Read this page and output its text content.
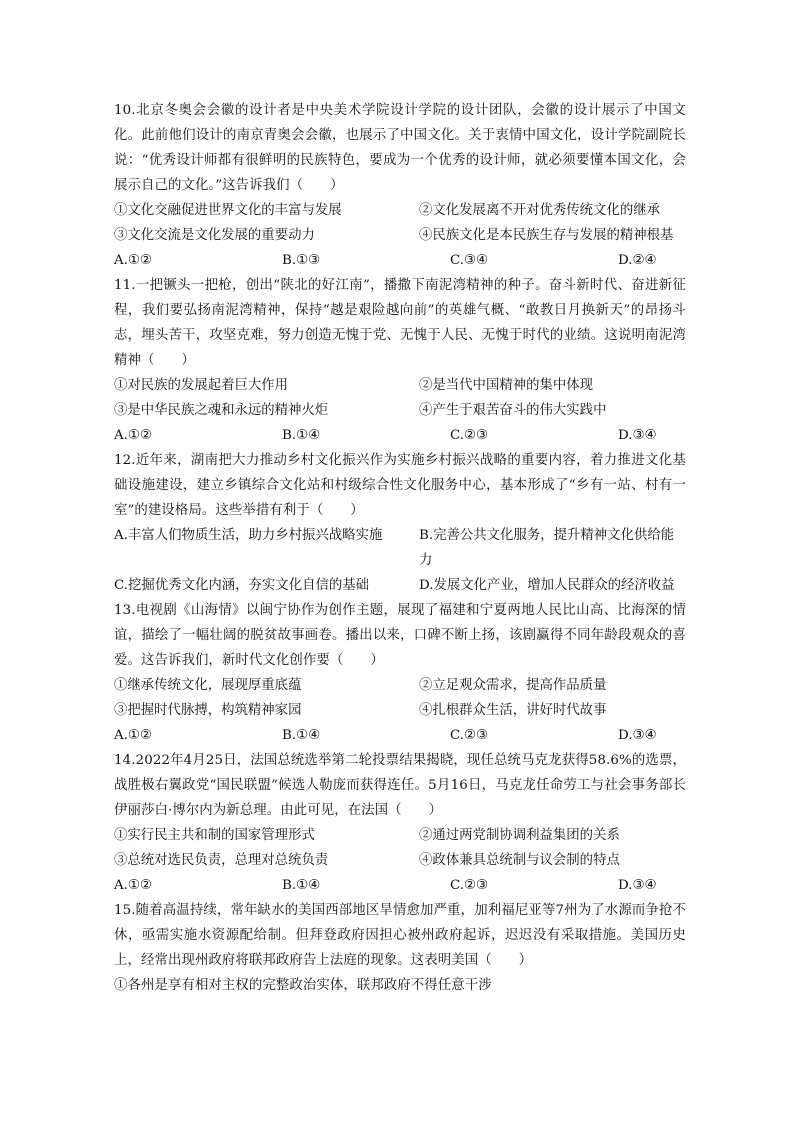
10.北京冬奥会会徽的设计者是中央美术学院设计学院的设计团队，会徽的设计展示了中国文化。此前他们设计的南京青奥会会徽，也展示了中国文化。关于衷情中国文化，设计学院副院长说：“优秀设计师都有很鲜明的民族特色，要成为一个优秀的设计师，就必须要懂本国文化，会展示自己的文化。”这告诉我们（　　）
①文化交融促进世界文化的丰富与发展	②文化发展离不开对优秀传统文化的继承
③文化交流是文化发展的重要动力	④民族文化是本民族生存与发展的精神根基
A.①②	B.①③	C.③④	D.②④
11.一把镢头一把枪，创出“陕北的好江南”，播撒下南泥湾精神的种子。奋斗新时代、奋进新征程，我们要弘扬南泥湾精神，保持“越是艰险越向前”的英雄气概、“敢教日月换新天”的昂扬斗志，埋头苦干，攻坚克难，努力创造无愧于党、无愧于人民、无愧于时代的业绩。这说明南泥湾精神（　　）
①对民族的发展起着巨大作用	②是当代中国精神的集中体现
③是中华民族之魂和永远的精神火炬	④产生于艰苦奋斗的伟大实践中
A.①②	B.①④	C.②③	D.③④
12.近年来，湖南把大力推动乡村文化振兴作为实施乡村振兴战略的重要内容，着力推进文化基础设施建设，建立乡镇综合文化站和村级综合性文化服务中心，基本形成了“乡有一站、村有一室”的建设格局。这些举措有利于（　　）
A.丰富人们物质生活，助力乡村振兴战略实施	B.完善公共文化服务，提升精神文化供给能力
C.挖掘优秀文化内涵，夯实文化自信的基础	D.发展文化产业，增加人民群众的经济收益
13.电视剧《山海情》以闽宁协作为创作主题，展现了福建和宁夏两地人民比山高、比海深的情谊，描绘了一幅壮阔的脱贫故事画卷。播出以来，口碑不断上扬，该剧赢得不同年龄段观众的喜爱。这告诉我们，新时代文化创作要（　　）
①继承传统文化，展现厚重底蕴	②立足观众需求，提高作品质量
③把握时代脉搏，构筑精神家园	④扎根群众生活，讲好时代故事
A.①②	B.①④	C.②③	D.③④
14.2022年4月25日，法国总统选举第二轮投票结果揭晓，现任总统马克龙获得58.6%的选票，战胜极右翼政党“国民联盟”候选人勒庞而获得连任。5月16日，马克龙任命劳工与社会事务部长伊丽莎白·博尔内为新总理。由此可见，在法国（　　）
①实行民主共和制的国家管理形式	②通过两党制协调利益集团的关系
③总统对选民负责，总理对总统负责	④政体兼具总统制与议会制的特点
A.①②	B.①④	C.②③	D.③④
15.随着高温持续，常年缺水的美国西部地区旱情愈加严重，加利福尼亚等7州为了水源而争抢不休，亟需实施水资源配给制。但拜登政府因担心被州政府起诉，迟迟没有采取措施。美国历史上，经常出现州政府将联邦政府告上法庭的现象。这表明美国（　　）
①各州是享有相对主权的完整政治实体，联邦政府不得任意干涉
